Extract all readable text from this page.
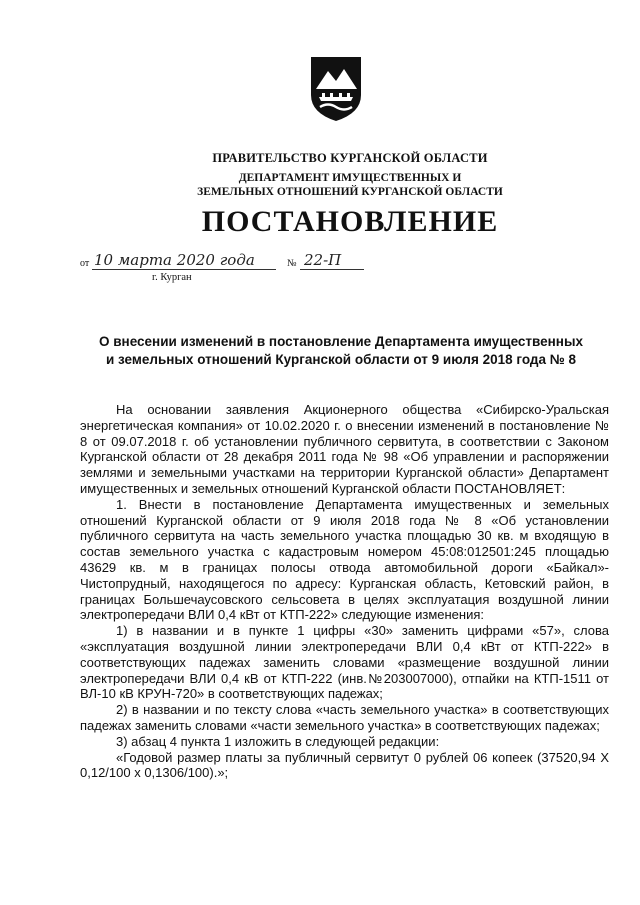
ПРАВИТЕЛЬСТВО КУРГАНСКОЙ ОБЛАСТИ
ДЕПАРТАМЕНТ ИМУЩЕСТВЕННЫХ И
ЗЕМЕЛЬНЫХ ОТНОШЕНИЙ КУРГАНСКОЙ ОБЛАСТИ
ПОСТАНОВЛЕНИЕ
от 10 марта 2020 года	№ 22-П
г. Курган
О внесении изменений в постановление Департамента имущественных и земельных отношений Курганской области от 9 июля 2018 года № 8

На основании заявления Акционерного общества «Сибирско-Уральская энергетическая компания» от 10.02.2020 г. о внесении изменений в постановление № 8 от 09.07.2018 г. об установлении публичного сервитута, в соответствии с Законом Курганской области от 28 декабря 2011 года № 98 «Об управлении и распоряжении землями и земельными участками на территории Курганской области» Департамент имущественных и земельных отношений Курганской области ПОСТАНОВЛЯЕТ:

1. Внести в постановление Департамента имущественных и земельных отношений Курганской области от 9 июля 2018 года № 8 «Об установлении публичного сервитута на часть земельного участка площадью 30 кв. м входящую в состав земельного участка с кадастровым номером 45:08:012501:245 площадью 43629 кв. м в границах полосы отвода автомобильной дороги «Байкал»-Чистопрудный, находящегося по адресу: Курганская область, Кетовский район, в границах Большечаусовского сельсовета в целях эксплуатация воздушной линии электропередачи ВЛИ 0,4 кВт от КТП-222» следующие изменения:

1) в названии и в пункте 1 цифры «30» заменить цифрами «57», слова «эксплуатация воздушной линии электропередачи ВЛИ 0,4 кВт от КТП-222» в соответствующих падежах заменить словами «размещение воздушной линии электропередачи ВЛИ 0,4 кВ от КТП-222 (инв.№203007000), отпайки на КТП-1511 от ВЛ-10 кВ КРУН-720» в соответствующих падежах;

2) в названии и по тексту слова «часть земельного участка» в соответствующих падежах заменить словами «части земельного участка» в соответствующих падежах;

3) абзац 4 пункта 1 изложить в следующей редакции:

«Годовой размер платы за публичный сервитут 0 рублей 06 копеек (37520,94 Х 0,12/100 х 0,1306/100).»;
